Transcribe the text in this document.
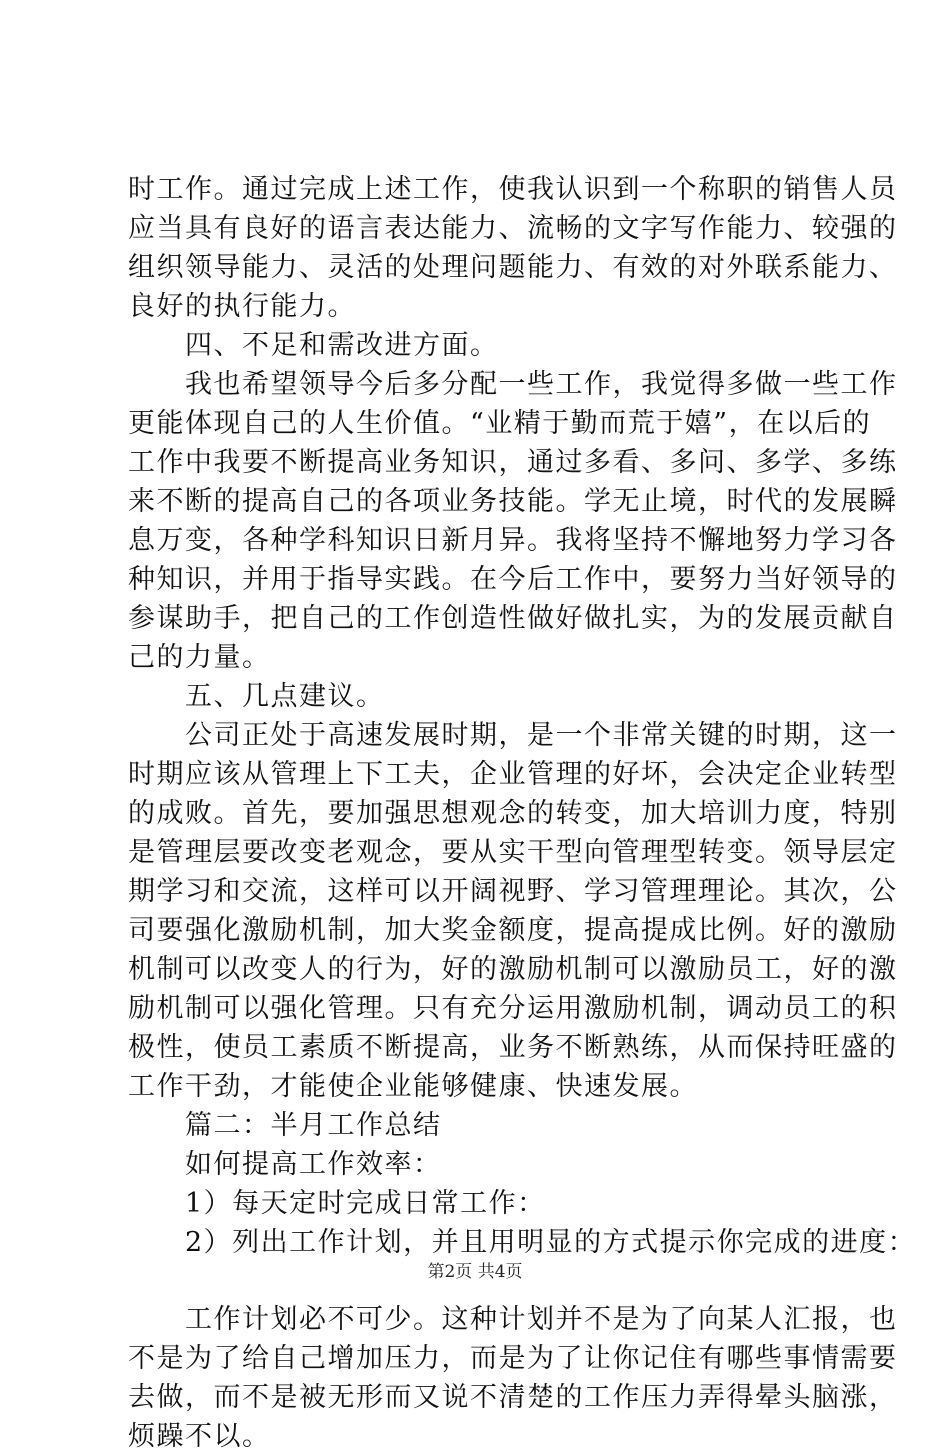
时工作。通过完成上述工作，使我认识到一个称职的销售人员
应当具有良好的语言表达能力、流畅的文字写作能力、较强的
组织领导能力、灵活的处理问题能力、有效的对外联系能力、
良好的执行能力。
　　四、不足和需改进方面。
　　我也希望领导今后多分配一些工作，我觉得多做一些工作
更能体现自己的人生价值。“业精于勤而荒于嬉”，在以后的
工作中我要不断提高业务知识，通过多看、多问、多学、多练
来不断的提高自己的各项业务技能。学无止境，时代的发展瞬
息万变，各种学科知识日新月异。我将坚持不懈地努力学习各
种知识，并用于指导实践。在今后工作中，要努力当好领导的
参谋助手，把自己的工作创造性做好做扎实，为的发展贡献自
己的力量。
　　五、几点建议。
　　公司正处于高速发展时期，是一个非常关键的时期，这一
时期应该从管理上下工夫，企业管理的好坏，会决定企业转型
的成败。首先，要加强思想观念的转变，加大培训力度，特别
是管理层要改变老观念，要从实干型向管理型转变。领导层定
期学习和交流，这样可以开阔视野、学习管理理论。其次，公
司要强化激励机制，加大奖金额度，提高提成比例。好的激励
机制可以改变人的行为，好的激励机制可以激励员工，好的激
励机制可以强化管理。只有充分运用激励机制，调动员工的积
极性，使员工素质不断提高，业务不断熟练，从而保持旺盛的
工作干劲，才能使企业能够健康、快速发展。
　　篇二：半月工作总结
　　如何提高工作效率：
　　1）每天定时完成日常工作：
　　2）列出工作计划，并且用明显的方式提示你完成的进度：
　　工作计划必不可少。这种计划并不是为了向某人汇报，也
不是为了给自己增加压力，而是为了让你记住有哪些事情需要
去做，而不是被无形而又说不清楚的工作压力弄得晕头脑涨，
烦躁不以。
第2页 共4页
